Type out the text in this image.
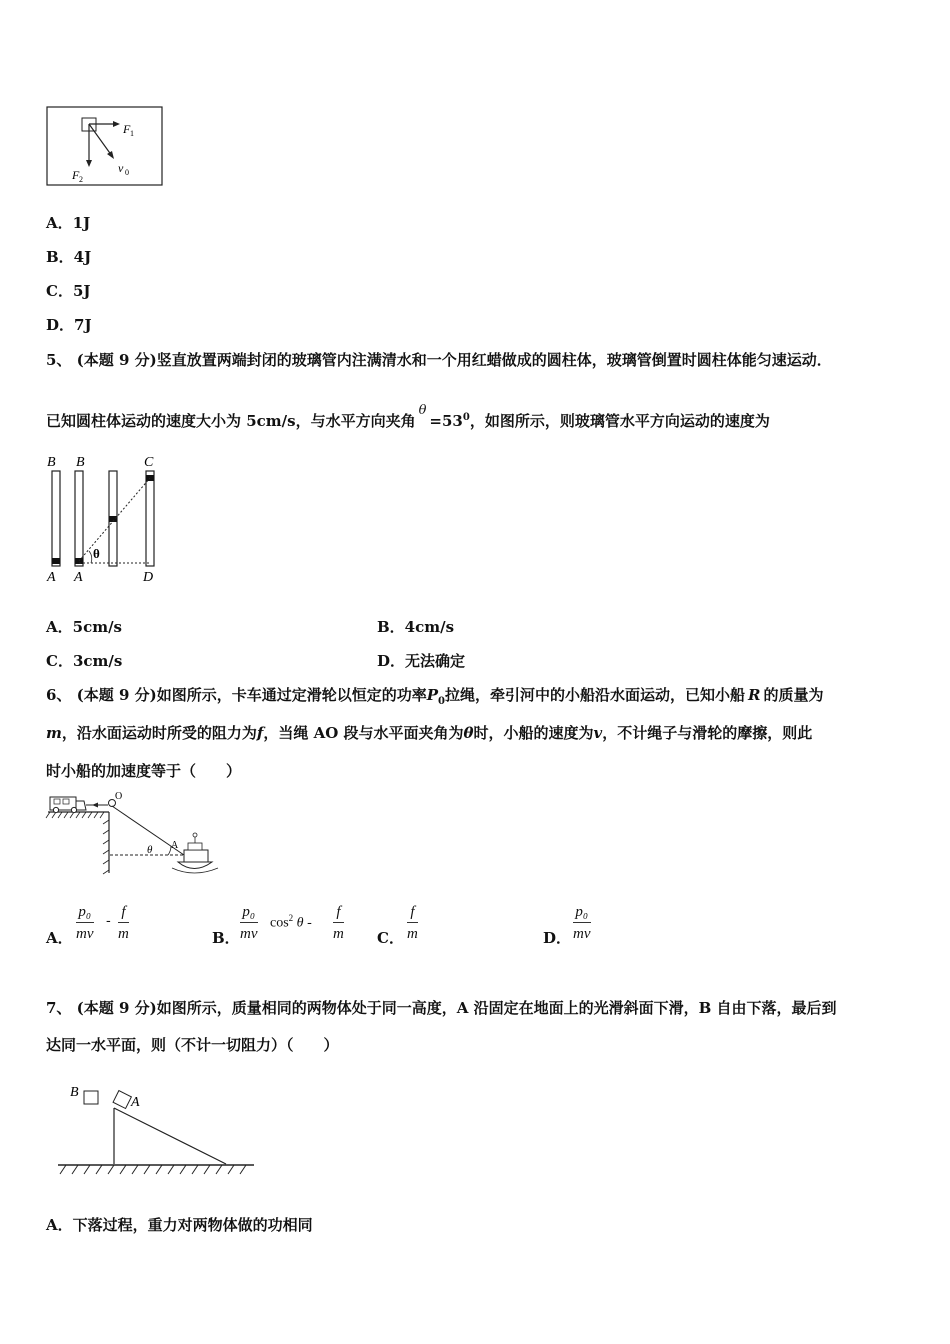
F 1
F 2
v 0
A．1J
B．4J
C．5J
D．7J
5、 (本题 9 分)竖直放置两端封闭的玻璃管内注满清水和一个用红蜡做成的圆柱体，玻璃管倒置时圆柱体能匀速运动．
已知圆柱体运动的速度大小为 5cm/s，与水平方向夹角$\theta=53^0$，如图所示，则玻璃管水平方向运动的速度为
B B	C
θ
A A	D
A．5cm/s	B．4cm/s
C．3cm/s	D．无法确定
6、 (本题 9 分)如图所示，卡车通过定滑轮以恒定的功率$P_0$拉绳，牵引河中的小船沿水面运动，已知小船 R 的质量为
m，沿水面运动时所受的阻力为f，当绳 AO 段与水平面夹角为θ时，小船的速度为v，不计绳子与滑轮的摩擦，则此
时小船的加速度等于（　　）
O
θ A
A． $\frac{\text{p₀}}{mv} - \frac{f}{m}$	B． $\frac{\text{p₀}}{mv} \cos^2 \theta - \frac{f}{m}$ C． $\frac{f}{m}$	D． $\frac{\text{p₀}}{mv}$
7、 (本题 9 分)如图所示，质量相同的两物体处于同一高度，A 沿固定在地面上的光滑斜面下滑，B 自由下落，最后到
达同一水平面，则（不计一切阻力）（　　）
B
A
A．下落过程，重力对两物体做的功相同
